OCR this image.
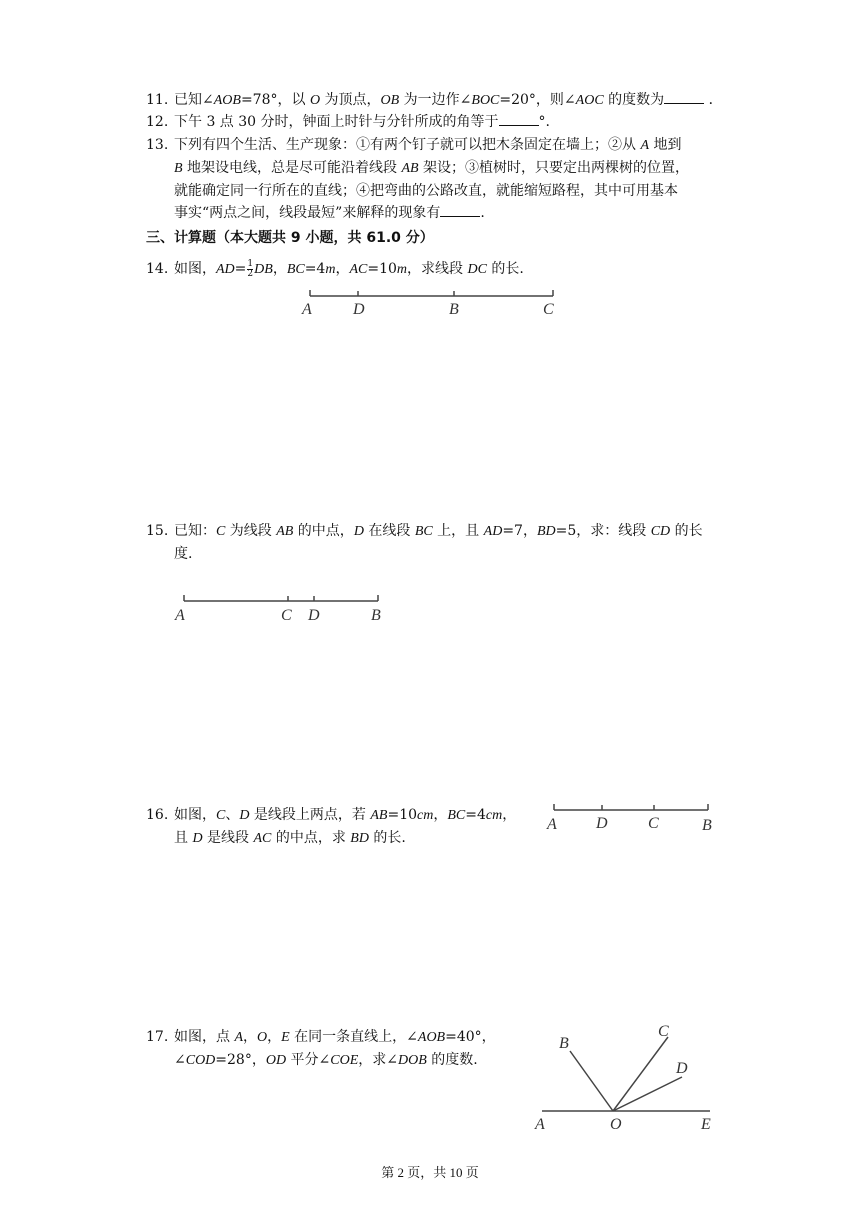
11. 已知∠AOB=78°，以 O 为顶点，OB 为一边作∠BOC=20°，则∠AOC 的度数为	．
12. 下午 3 点 30 分时，钟面上时针与分针所成的角等于	°.
13. 下列有四个生活、生产现象：①有两个钉子就可以把木条固定在墙上；②从 A 地到
B 地架设电线，总是尽可能沿着线段 AB 架设；③植树时，只要定出两棵树的位置，
就能确定同一行所在的直线；④把弯曲的公路改直，就能缩短路程，其中可用基本
事实“两点之间，线段最短”来解释的现象有	.
三、计算题（本大题共 9 小题，共 61.0 分）
14. 如图，$AD= \frac{1}{2}$ DB，BC=4m，AC=10m，求线段 DC 的长.
A	D	B	C
15. 已知：C 为线段 AB 的中点，D 在线段 BC 上，且 AD=7，BD=5，求：线段 CD 的长
度.
A	C D	B
16. 如图，C、D 是线段上两点，若 AB=10cm，BC=4cm，
且 D 是线段 AC 的中点，求 BD 的长.
A D	C	B
17. 如图，点 A，O，E 在同一条直线上，∠AOB=40°，
∠COD=28°，OD 平分∠COE，求∠DOB 的度数.
B
C
D
A	O	E
第 2 页，共 10 页
